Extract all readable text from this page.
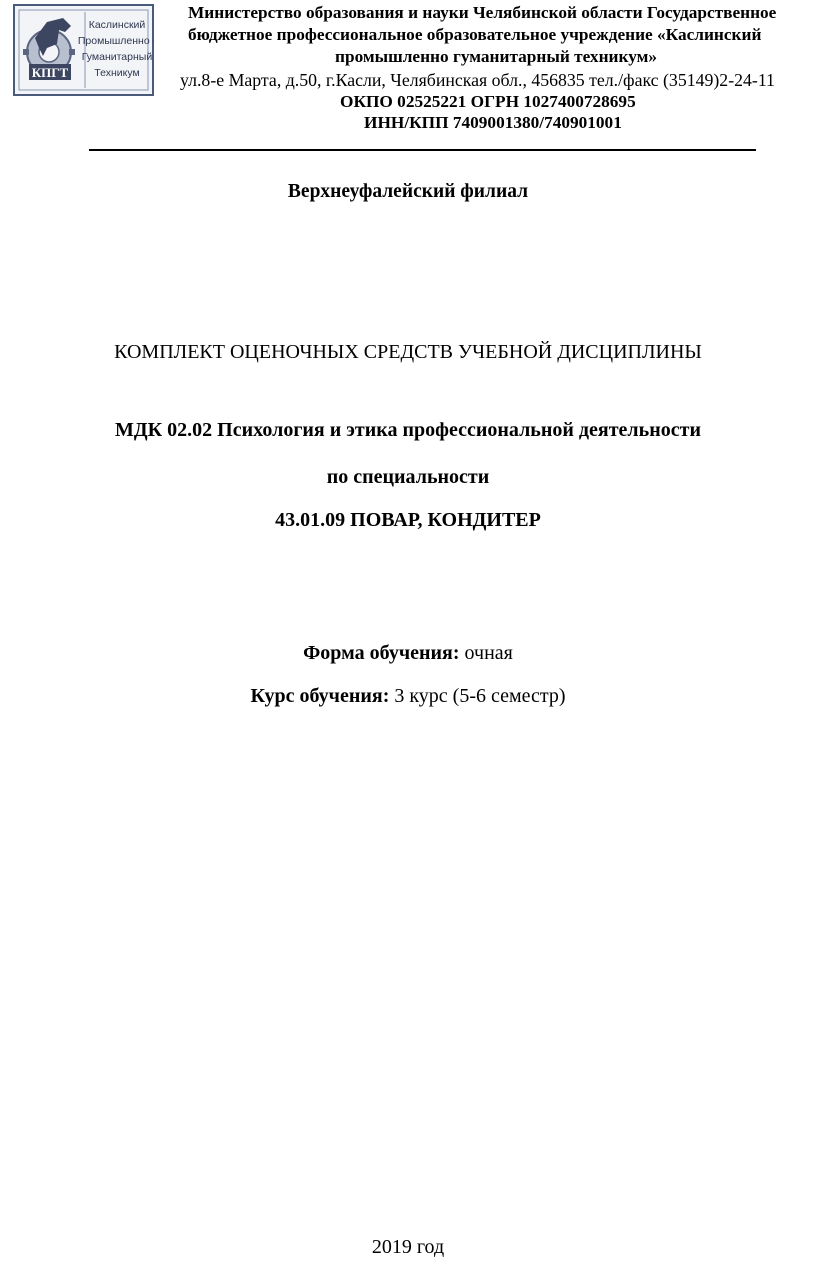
КПГТ
Каслинский
Промышленно -
Гуманитарный
Техникум
Министерство образования и науки Челябинской области Государственное
бюджетное профессиональное образовательное учреждение «Каслинский
промышленно гуманитарный техникум»
ул.8-е Марта, д.50, г.Касли, Челябинская обл., 456835 тел./факс (35149)2-24-11
ОКПО 02525221 ОГРН 1027400728695
ИНН/КПП 7409001380/740901001
Верхнеуфалейский филиал
КОМПЛЕКТ ОЦЕНОЧНЫХ СРЕДСТВ УЧЕБНОЙ ДИСЦИПЛИНЫ
МДК 02.02 Психология и этика профессиональной деятельности
по специальности
43.01.09 ПОВАР, КОНДИТЕР
Форма обучения: очная
Курс обучения: 3 курс (5-6 семестр)
2019 год
